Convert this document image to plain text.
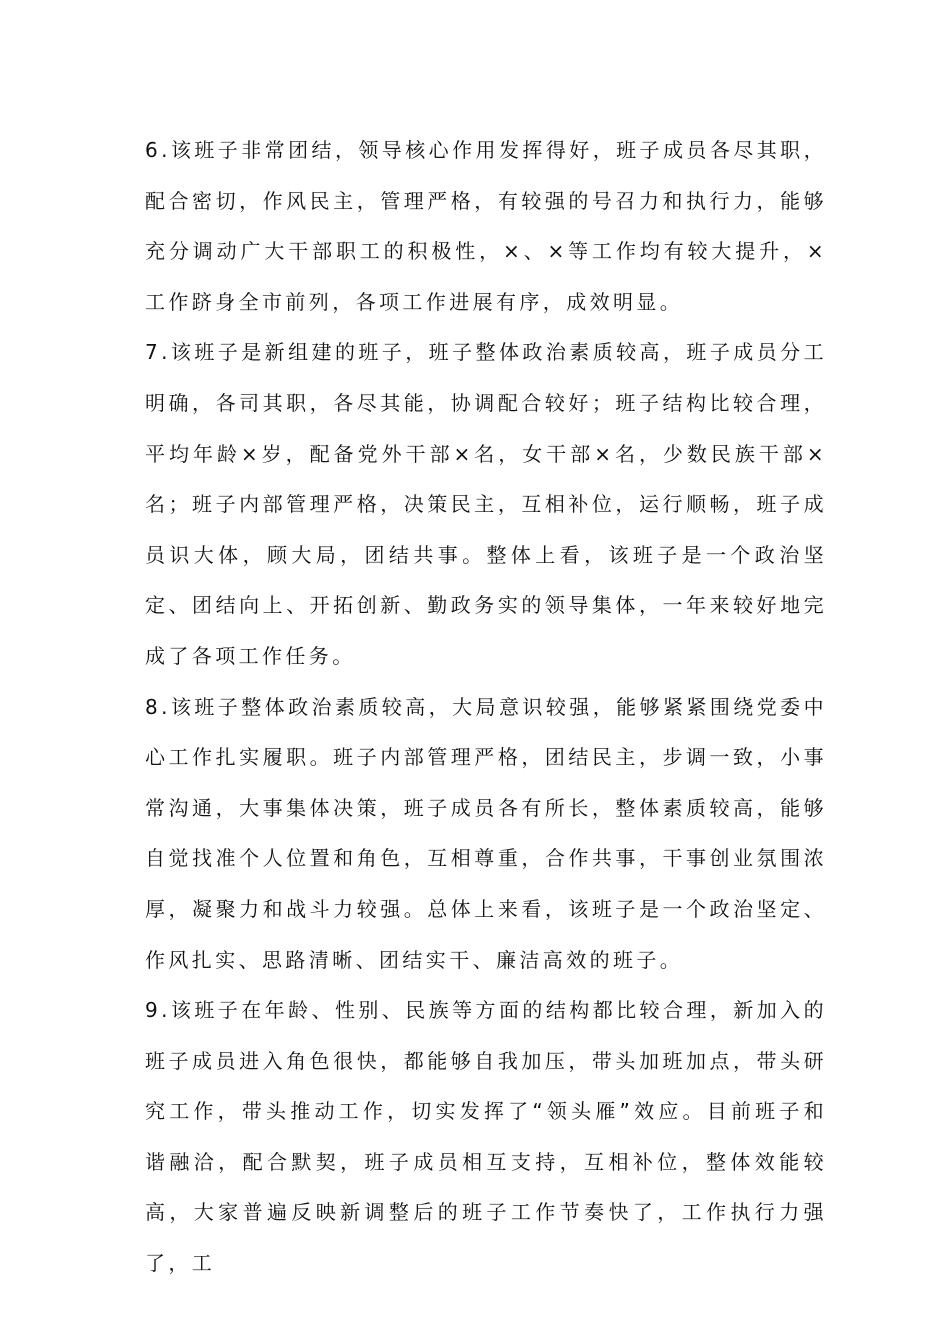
6.该班子非常团结，领导核心作用发挥得好，班子成员各尽其职，配合密切，作风民主，管理严格，有较强的号召力和执行力，能够充分调动广大干部职工的积极性，×、×等工作均有较大提升，×工作跻身全市前列，各项工作进展有序，成效明显。

7.该班子是新组建的班子，班子整体政治素质较高，班子成员分工明确，各司其职，各尽其能，协调配合较好；班子结构比较合理，平均年龄×岁，配备党外干部×名，女干部×名，少数民族干部×名；班子内部管理严格，决策民主，互相补位，运行顺畅，班子成员识大体，顾大局，团结共事。整体上看，该班子是一个政治坚定、团结向上、开拓创新、勤政务实的领导集体，一年来较好地完成了各项工作任务。

8.该班子整体政治素质较高，大局意识较强，能够紧紧围绕党委中心工作扎实履职。班子内部管理严格，团结民主，步调一致，小事常沟通，大事集体决策，班子成员各有所长，整体素质较高，能够自觉找准个人位置和角色，互相尊重，合作共事，干事创业氛围浓厚，凝聚力和战斗力较强。总体上来看，该班子是一个政治坚定、作风扎实、思路清晰、团结实干、廉洁高效的班子。

9.该班子在年龄、性别、民族等方面的结构都比较合理，新加入的班子成员进入角色很快，都能够自我加压，带头加班加点，带头研究工作，带头推动工作，切实发挥了“领头雁”效应。目前班子和谐融洽，配合默契，班子成员相互支持，互相补位，整体效能较高，大家普遍反映新调整后的班子工作节奏快了，工作执行力强了，工
